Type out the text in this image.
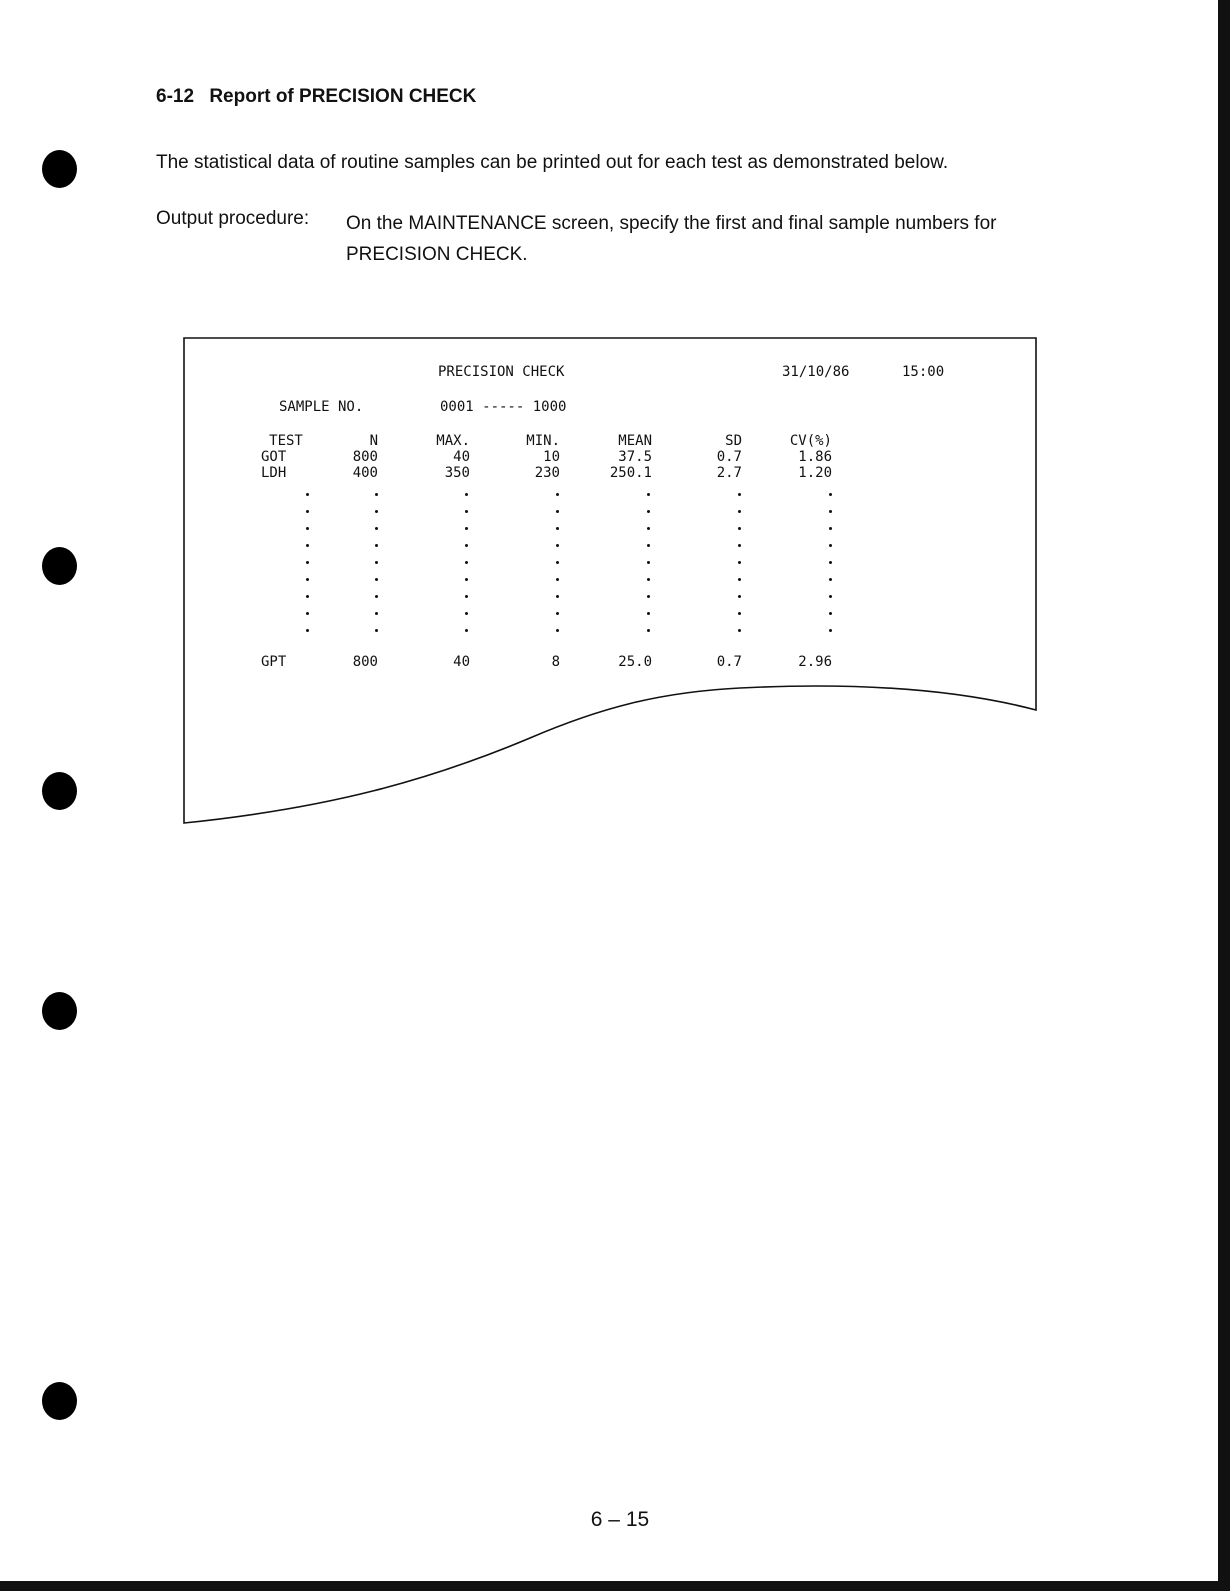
6-12 Report of PRECISION CHECK
The statistical data of routine samples can be printed out for each test as demonstrated below.
Output procedure: On the MAINTENANCE screen, specify the first and final sample numbers for PRECISION CHECK.
PRECISION CHECK	31/10/86	15:00
SAMPLE NO.	0001 ----- 1000
TEST	N	MAX.	MIN.	MEAN	SD	CV(%)
GOT	800	40	10	37.5	0.7	1.86
LDH	400	350	230	250.1	2.7	1.20
GPT	800	40	8	25.0	0.7	2.96
6 – 15
